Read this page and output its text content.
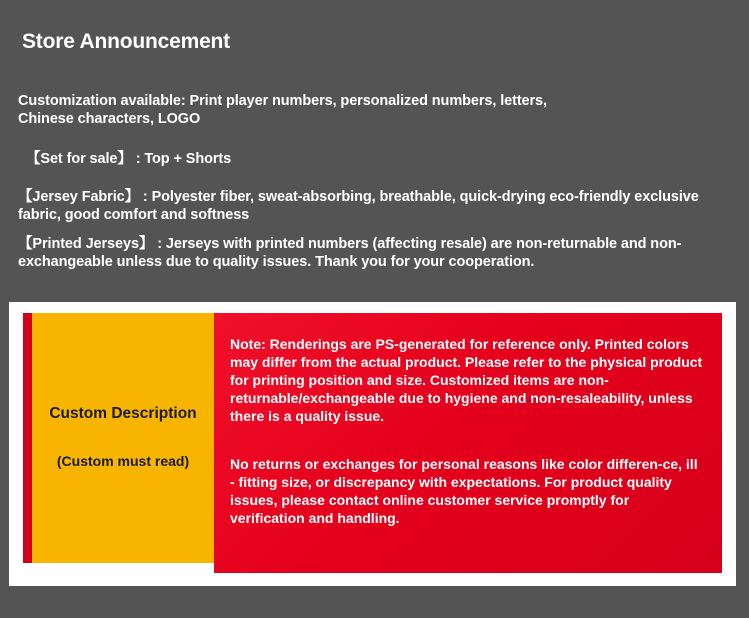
Store Announcement
Customization available: Print player numbers, personalized numbers, letters, Chinese characters, LOGO
【Set for sale】 : Top + Shorts
【Jersey Fabric】 : Polyester fiber, sweat-absorbing, breathable, quick-drying eco-friendly exclusive fabric, good comfort and softness
【Printed Jerseys】 : Jerseys with printed numbers (affecting resale) are non-returnable and non-exchangeable unless due to quality issues. Thank you for your cooperation.
Custom Description
(Custom must read)
Note: Renderings are PS-generated for reference only. Printed colors may differ from the actual product. Please refer to the physical product for printing position and size. Customized items are non-returnable/exchangeable due to hygiene and non-resaleability, unless there is a quality issue.
No returns or exchanges for personal reasons like color differen-ce, ill - fitting size, or discrepancy with expectations. For product quality issues, please contact online customer service promptly for verification and handling.
